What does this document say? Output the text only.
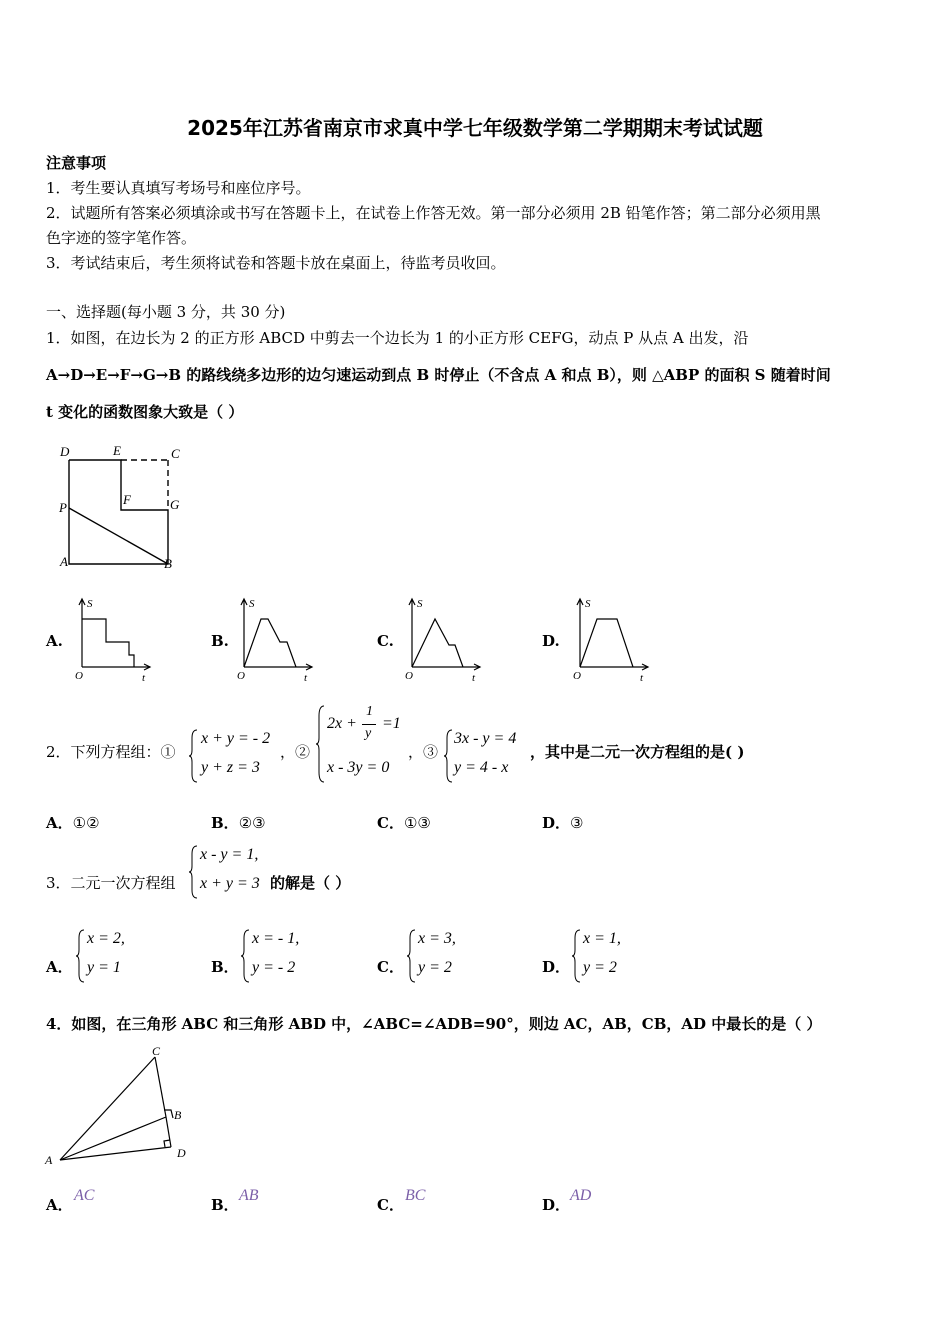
2025年江苏省南京市求真中学七年级数学第二学期期末考试试题
注意事项
1．考生要认真填写考场号和座位序号。
2．试题所有答案必须填涂或书写在答题卡上，在试卷上作答无效。第一部分必须用 2B 铅笔作答；第二部分必须用黑
色字迹的签字笔作答。
3．考试结束后，考生须将试卷和答题卡放在桌面上，待监考员收回。
一、选择题(每小题 3 分，共 30 分)
1．如图，在边长为 2 的正方形 ABCD 中剪去一个边长为 1 的小正方形 CEFG，动点 P 从点 A 出发，沿
A→D→E→F→G→B 的路线绕多边形的边匀速运动到点 B 时停止（不含点 A 和点 B），则 △ABP 的面积 S 随着时间
t 变化的函数图象大致是（ ）
D	E	C
P
F	G
A	B
A.	B.	C.	D.
S
O	t
S
O	t
S
O	t
S
O	t
2．下列方程组：①
x + y = - 2
y + z = 3
，②
2x +
1
y
=1
x - 3y = 0
，③
3x - y = 4
y = 4 - x
，其中是二元一次方程组的是( )
A．①②	B．②③	C．①③	D．③
3．二元一次方程组
x - y = 1,
x + y = 3 的解是（ ）
A．
x = 2,
y = 1	B．
x = - 1,
y = - 2	C．
x = 3,
y = 2	D．
x = 1,
y = 2
4．如图，在三角形 ABC 和三角形 ABD 中，∠ABC=∠ADB=90°，则边 AC，AB，CB，AD 中最长的是（ ）
C
B
A	D
A．
AC
B．
AB
C．
BC
D．
AD
